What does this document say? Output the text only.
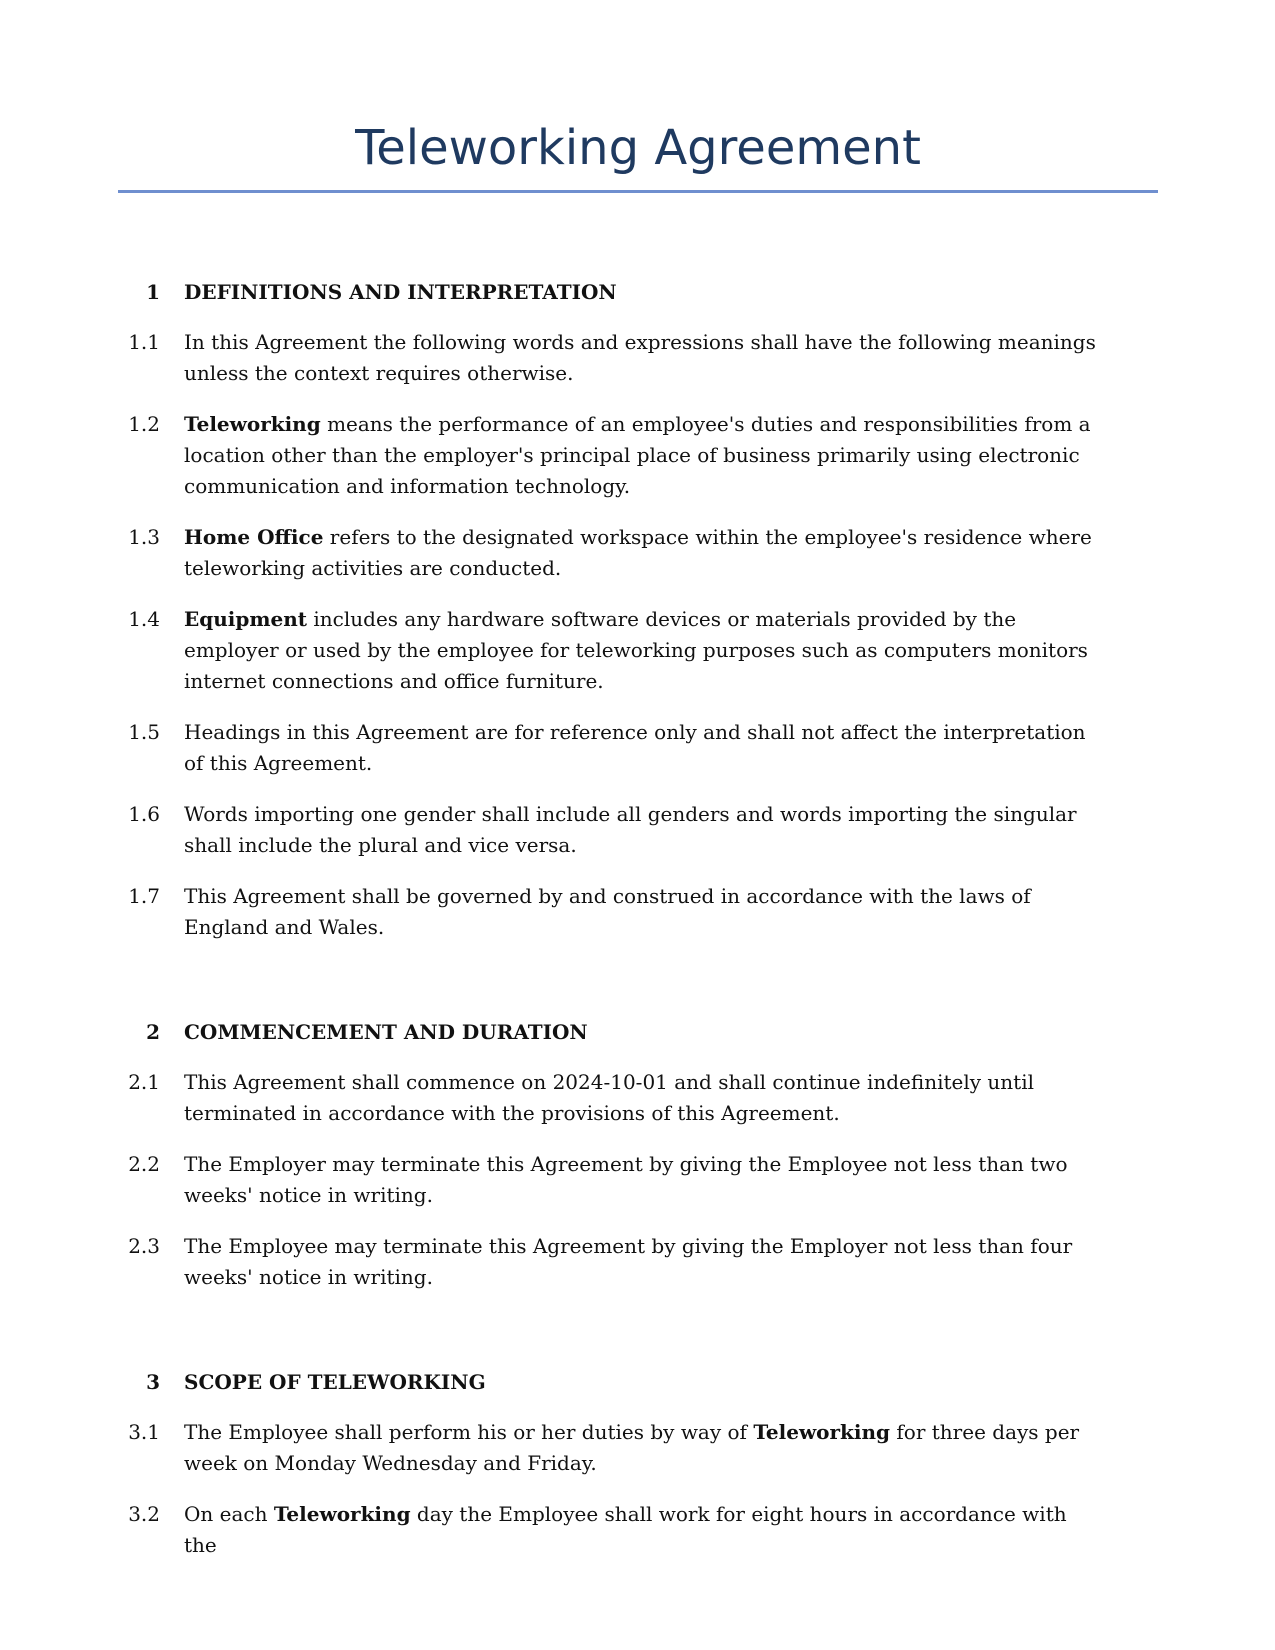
Teleworking Agreement
1	DEFINITIONS AND INTERPRETATION
1.1	In this Agreement the following words and expressions shall have the following meanings unless the context requires otherwise.
1.2	Teleworking means the performance of an employee's duties and responsibilities from a location other than the employer's principal place of business primarily using electronic communication and information technology.
1.3	Home Office refers to the designated workspace within the employee's residence where teleworking activities are conducted.
1.4	Equipment includes any hardware software devices or materials provided by the employer or used by the employee for teleworking purposes such as computers monitors internet connections and office furniture.
1.5	Headings in this Agreement are for reference only and shall not affect the interpretation of this Agreement.
1.6	Words importing one gender shall include all genders and words importing the singular shall include the plural and vice versa.
1.7	This Agreement shall be governed by and construed in accordance with the laws of England and Wales.
2	COMMENCEMENT AND DURATION
2.1	This Agreement shall commence on 2024-10-01 and shall continue indefinitely until terminated in accordance with the provisions of this Agreement.
2.2	The Employer may terminate this Agreement by giving the Employee not less than two weeks' notice in writing.
2.3	The Employee may terminate this Agreement by giving the Employer not less than four weeks' notice in writing.
3	SCOPE OF TELEWORKING
3.1	The Employee shall perform his or her duties by way of Teleworking for three days per week on Monday Wednesday and Friday.
3.2	On each Teleworking day the Employee shall work for eight hours in accordance with the
